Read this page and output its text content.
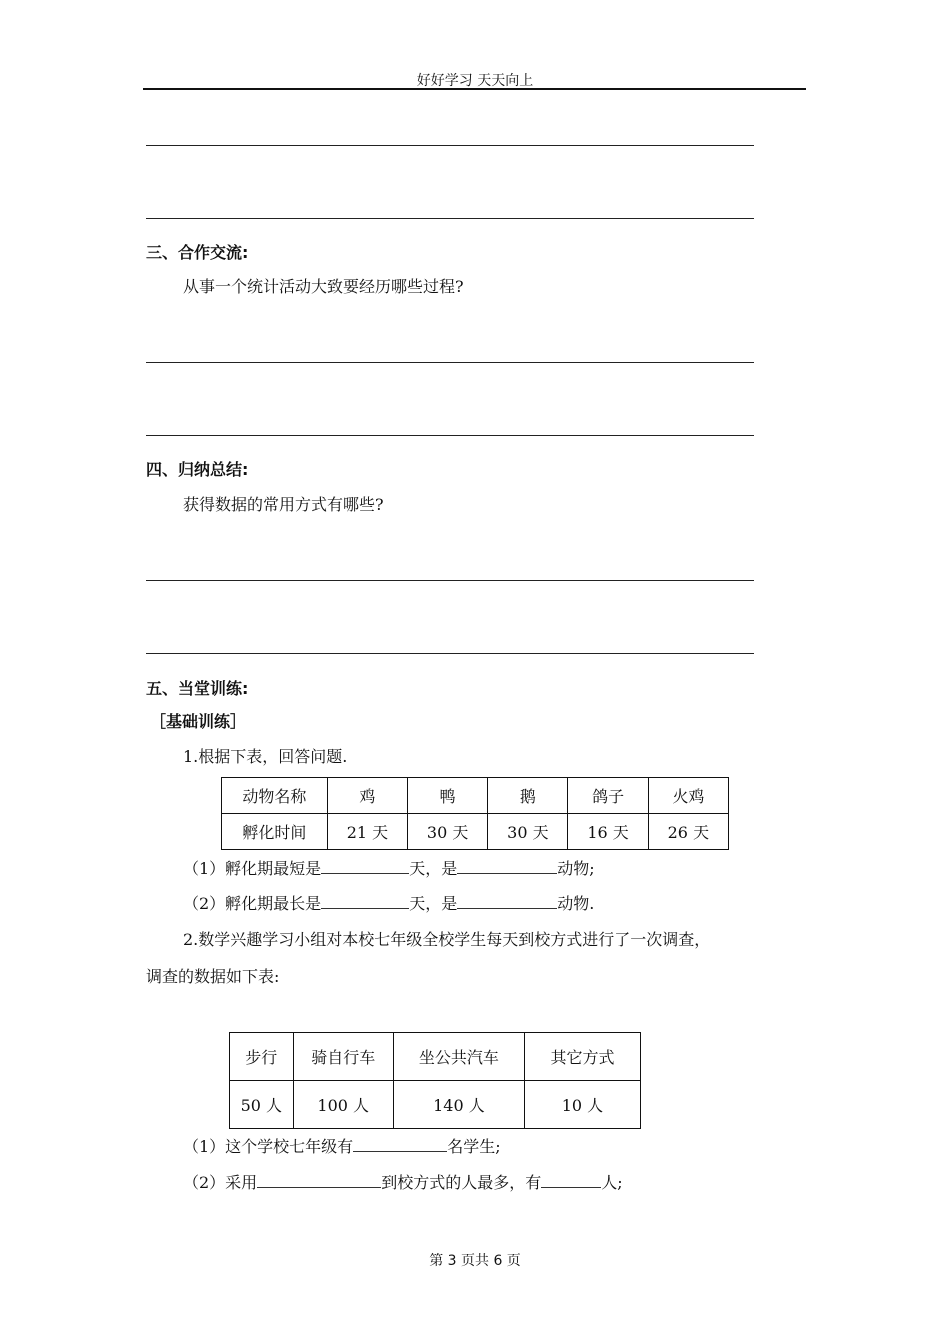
好好学习 天天向上
三、合作交流:
从事一个统计活动大致要经历哪些过程?
四、归纳总结:
获得数据的常用方式有哪些?
五、当堂训练:
［基础训练］
1.根据下表，回答问题.
动物名称	鸡	鸭	鹅	鸽子	火鸡
孵化时间	21 天	30 天	30 天	16 天	26 天
（1）孵化期最短是	天，是	动物;
（2）孵化期最长是	天，是	动物.
2.数学兴趣学习小组对本校七年级全校学生每天到校方式进行了一次调查，
调查的数据如下表:
步行	骑自行车	坐公共汽车	其它方式
50 人	100 人	140 人	10 人
（1）这个学校七年级有	名学生;
（2）采用	到校方式的人最多，有	人;
第 3 页共 6 页
